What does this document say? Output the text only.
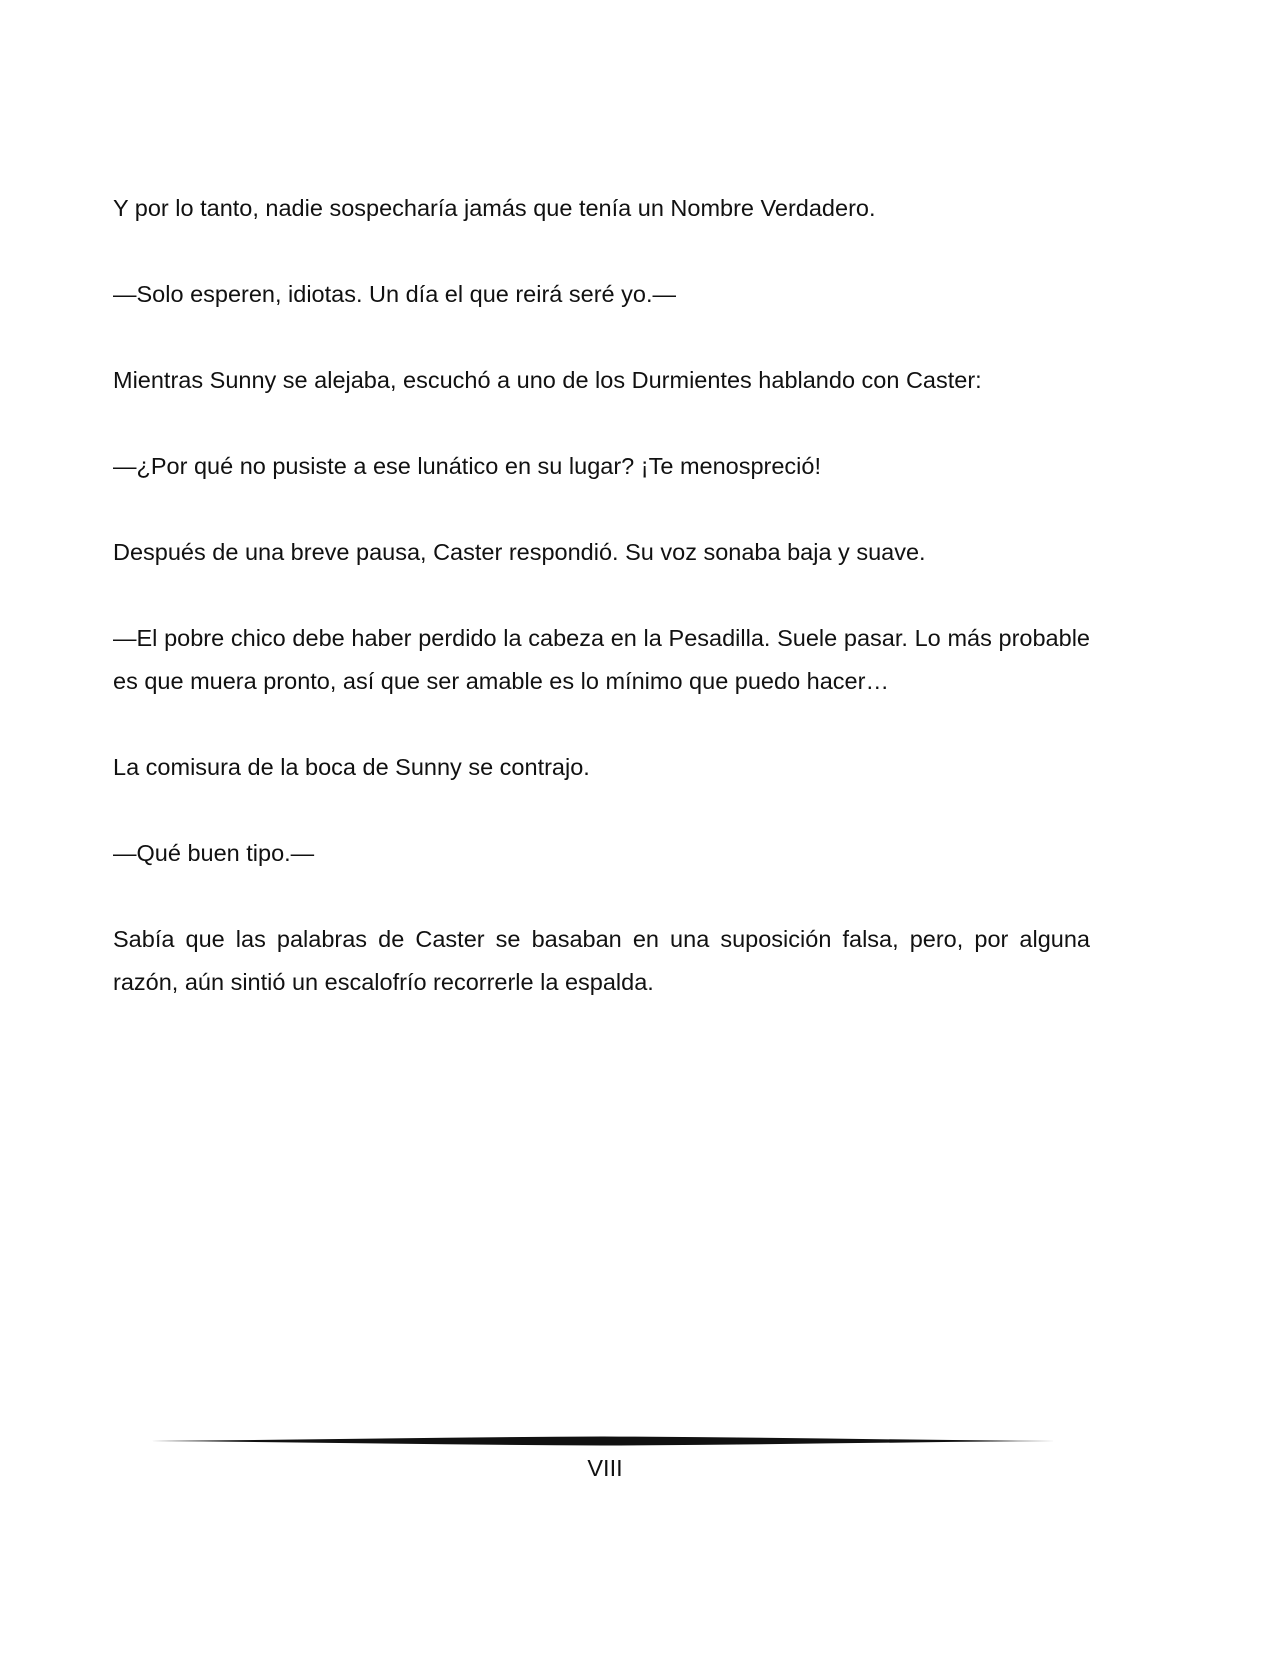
Y por lo tanto, nadie sospecharía jamás que tenía un Nombre Verdadero.

—Solo esperen, idiotas. Un día el que reirá seré yo.—

Mientras Sunny se alejaba, escuchó a uno de los Durmientes hablando con Caster:

—¿Por qué no pusiste a ese lunático en su lugar? ¡Te menospreció!

Después de una breve pausa, Caster respondió. Su voz sonaba baja y suave.

—El pobre chico debe haber perdido la cabeza en la Pesadilla. Suele pasar. Lo más probable es que muera pronto, así que ser amable es lo mínimo que puedo hacer…

La comisura de la boca de Sunny se contrajo.

—Qué buen tipo.—

Sabía que las palabras de Caster se basaban en una suposición falsa, pero, por alguna razón, aún sintió un escalofrío recorrerle la espalda.

VIII
